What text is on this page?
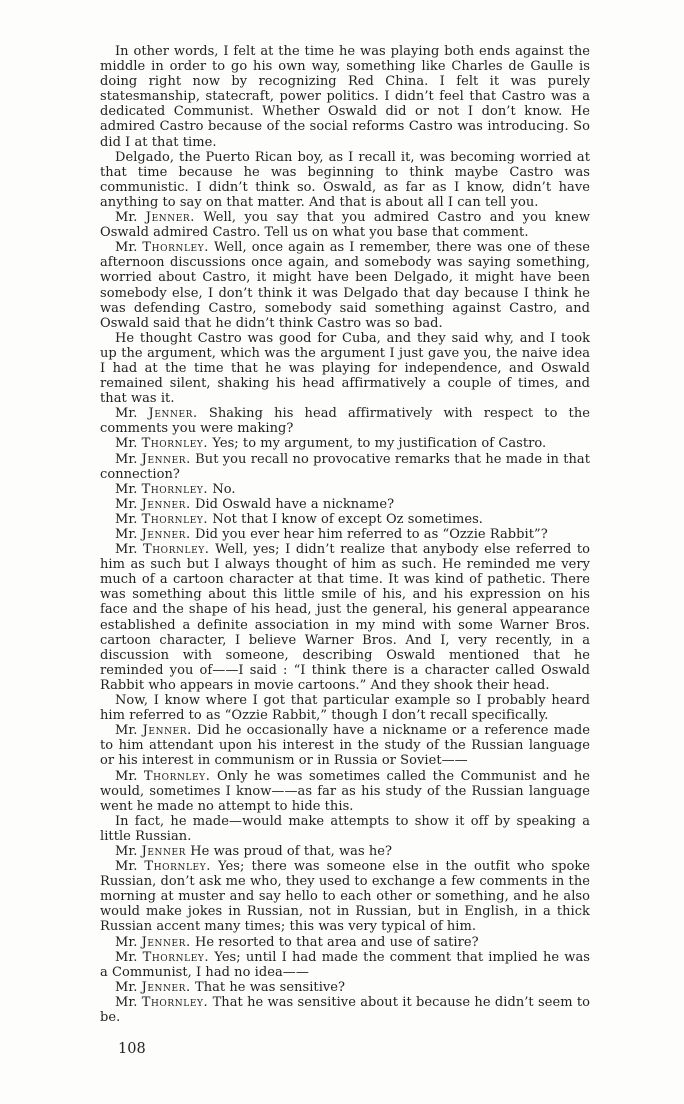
In other words, I felt at the time he was playing both ends against the middle in order to go his own way, something like Charles de Gaulle is doing right now by recognizing Red China. I felt it was purely statesmanship, statecraft, power politics. I didn’t feel that Castro was a dedicated Communist. Whether Oswald did or not I don’t know. He admired Castro because of the social reforms Castro was introducing. So did I at that time.

Delgado, the Puerto Rican boy, as I recall it, was becoming worried at that time because he was beginning to think maybe Castro was communistic. I didn’t think so. Oswald, as far as I know, didn’t have anything to say on that matter. And that is about all I can tell you.

Mr. Jenner. Well, you say that you admired Castro and you knew Oswald admired Castro. Tell us on what you base that comment.

Mr. Thornley. Well, once again as I remember, there was one of these afternoon discussions once again, and somebody was saying something, worried about Castro, it might have been Delgado, it might have been somebody else, I don’t think it was Delgado that day because I think he was defending Castro, somebody said something against Castro, and Oswald said that he didn’t think Castro was so bad.

He thought Castro was good for Cuba, and they said why, and I took up the argument, which was the argument I just gave you, the naive idea I had at the time that he was playing for independence, and Oswald remained silent, shaking his head affirmatively a couple of times, and that was it.

Mr. Jenner. Shaking his head affirmatively with respect to the comments you were making?

Mr. Thornley. Yes; to my argument, to my justification of Castro.

Mr. Jenner. But you recall no provocative remarks that he made in that connection?

Mr. Thornley. No.

Mr. Jenner. Did Oswald have a nickname?

Mr. Thornley. Not that I know of except Oz sometimes.

Mr. Jenner. Did you ever hear him referred to as “Ozzie Rabbit”?

Mr. Thornley. Well, yes; I didn’t realize that anybody else referred to him as such but I always thought of him as such. He reminded me very much of a cartoon character at that time. It was kind of pathetic. There was something about this little smile of his, and his expression on his face and the shape of his head, just the general, his general appearance established a definite association in my mind with some Warner Bros. cartoon character, I believe Warner Bros. And I, very recently, in a discussion with someone, describing Oswald mentioned that he reminded you of——I said : “I think there is a character called Oswald Rabbit who appears in movie cartoons.” And they shook their head.

Now, I know where I got that particular example so I probably heard him referred to as “Ozzie Rabbit,” though I don’t recall specifically.

Mr. Jenner. Did he occasionally have a nickname or a reference made to him attendant upon his interest in the study of the Russian language or his interest in communism or in Russia or Soviet——

Mr. Thornley. Only he was sometimes called the Communist and he would, sometimes I know——as far as his study of the Russian language went he made no attempt to hide this.

In fact, he made—would make attempts to show it off by speaking a little Russian.

Mr. Jenner He was proud of that, was he?

Mr. Thornley. Yes; there was someone else in the outfit who spoke Russian, don’t ask me who, they used to exchange a few comments in the morning at muster and say hello to each other or something, and he also would make jokes in Russian, not in Russian, but in English, in a thick Russian accent many times; this was very typical of him.

Mr. Jenner. He resorted to that area and use of satire?

Mr. Thornley. Yes; until I had made the comment that implied he was a Communist, I had no idea——

Mr. Jenner. That he was sensitive?

Mr. Thornley. That he was sensitive about it because he didn’t seem to be.

108
